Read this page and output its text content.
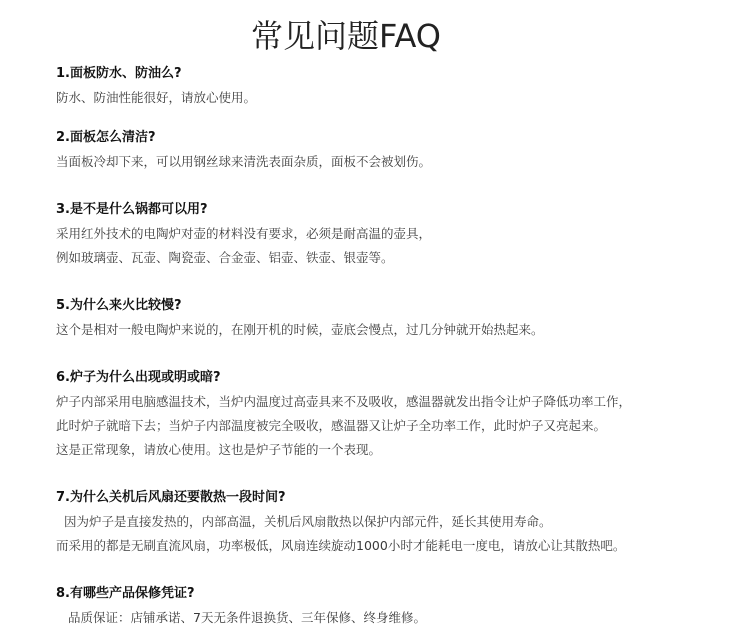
常见问题FAQ
1.面板防水、防油么?
防水、防油性能很好，请放心使用。
2.面板怎么清洁?
当面板冷却下来，可以用钢丝球来清洗表面杂质，面板不会被划伤。
3.是不是什么锅都可以用?
采用红外技术的电陶炉对壶的材料没有要求，必须是耐高温的壶具，
例如玻璃壶、瓦壶、陶瓷壶、合金壶、铝壶、铁壶、银壶等。
5.为什么来火比较慢?
这个是相对一般电陶炉来说的，在刚开机的时候，壶底会慢点，过几分钟就开始热起来。
6.炉子为什么出现或明或暗?
炉子内部采用电脑感温技术，当炉内温度过高壶具来不及吸收，感温器就发出指令让炉子降低功率工作，
此时炉子就暗下去；当炉子内部温度被完全吸收，感温器又让炉子全功率工作，此时炉子又亮起来。
这是正常现象，请放心使用。这也是炉子节能的一个表现。
7.为什么关机后风扇还要散热一段时间?
因为炉子是直接发热的，内部高温，关机后风扇散热以保护内部元件，延长其使用寿命。
而采用的都是无刷直流风扇，功率极低，风扇连续旋动1000小时才能耗电一度电，请放心让其散热吧。
8.有哪些产品保修凭证?
品质保证：店铺承诺、7天无条件退换货、三年保修、终身维修。
